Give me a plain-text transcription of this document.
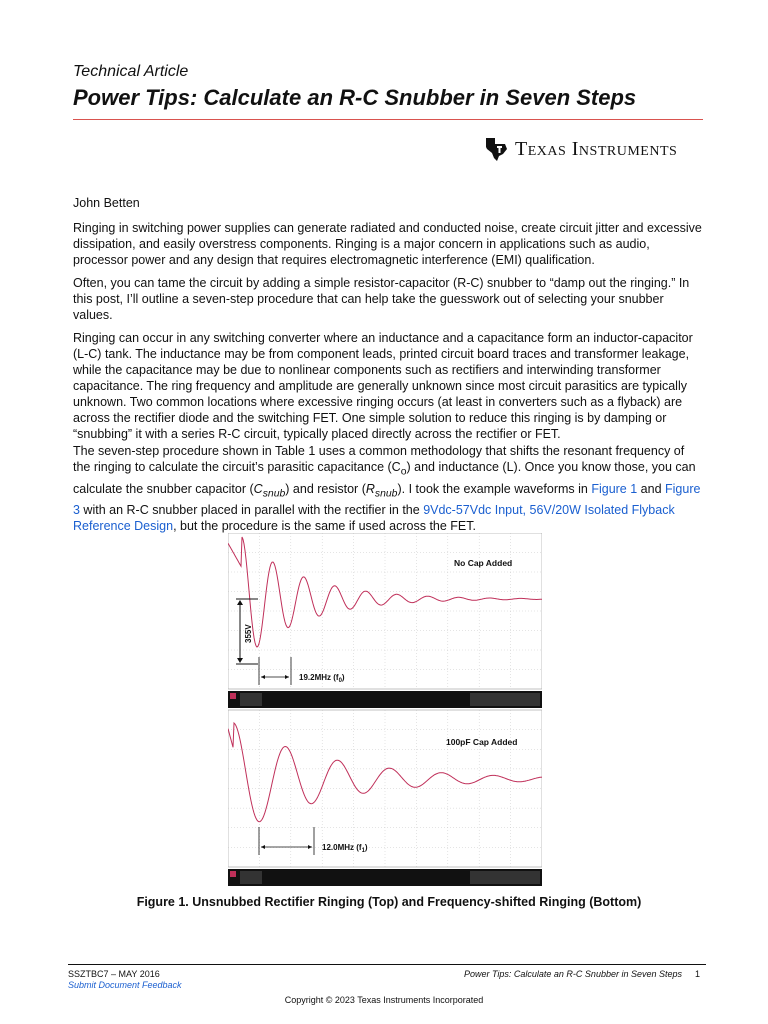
Technical Article
Power Tips: Calculate an R-C Snubber in Seven Steps
Texas Instruments
John Betten

Ringing in switching power supplies can generate radiated and conducted noise, create circuit jitter and excessive dissipation, and easily overstress components. Ringing is a major concern in applications such as audio, processor power and any design that requires electromagnetic interference (EMI) qualification.

Often, you can tame the circuit by adding a simple resistor-capacitor (R-C) snubber to “damp out the ringing.” In this post, I’ll outline a seven-step procedure that can help take the guesswork out of selecting your snubber values.

Ringing can occur in any switching converter where an inductance and a capacitance form an inductor-capacitor (L-C) tank. The inductance may be from component leads, printed circuit board traces and transformer leakage, while the capacitance may be due to nonlinear components such as rectifiers and interwinding transformer capacitance. The ring frequency and amplitude are generally unknown since most circuit parasitics are typically unknown. Two common locations where excessive ringing occurs (at least in converters such as a flyback) are across the rectifier diode and the switching FET. One simple solution to reduce this ringing is by damping or “snubbing” it with a series R-C circuit, typically placed directly across the rectifier or FET.

The seven-step procedure shown in Table 1 uses a common methodology that shifts the resonant frequency of the ringing to calculate the circuit’s parasitic capacitance $(C_o)$ and inductance (L). Once you know those, you can calculate the snubber capacitor $(C_{snub})$ and resistor $(R_{snub})$. I took the example waveforms in Figure 1 and Figure 3 with an R-C snubber placed in parallel with the rectifier in the 9Vdc-57Vdc Input, 56V/20W Isolated Flyback Reference Design, but the procedure is the same if used across the FET.

No Cap Added
355V
19.2MHz $(f_0)$
100pF Cap Added
12.0MHz $(f_1)$
Figure 1. Unsnubbed Rectifier Ringing (Top) and Frequency-shifted Ringing (Bottom)
SSZTBC7 – MAY 2016
Submit Document Feedback
Power Tips: Calculate an R-C Snubber in Seven Steps 1
Copyright © 2023 Texas Instruments Incorporated
